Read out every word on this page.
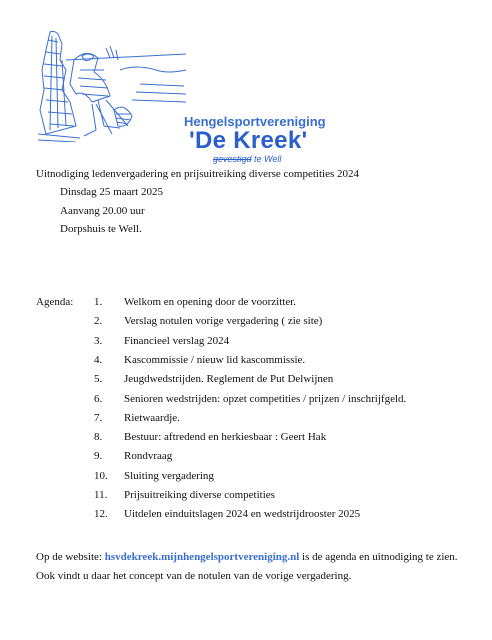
Hengelsportvereniging
'De Kreek'
gevestigd te Well
Uitnodiging ledenvergadering en prijsuitreiking diverse competities 2024
Dinsdag 25 maart 2025
Aanvang 20.00 uur
Dorpshuis te Well.
Agenda: 1. Welkom en opening door de voorzitter.
2. Verslag notulen vorige vergadering ( zie site)
3. Financieel verslag 2024
4. Kascommissie / nieuw lid kascommissie.
5. Jeugdwedstrijden. Reglement de Put Delwijnen
6. Senioren wedstrijden: opzet competities / prijzen / inschrijfgeld.
7. Rietwaardje.
8. Bestuur: aftredend en herkiesbaar : Geert Hak
9. Rondvraag
10. Sluiting vergadering
11. Prijsuitreiking diverse competities
12. Uitdelen einduitslagen 2024 en wedstrijdrooster 2025
Op de website: hsvdekreek.mijnhengelsportvereniging.nl is de agenda en uitnodiging te zien.
Ook vindt u daar het concept van de notulen van de vorige vergadering.
